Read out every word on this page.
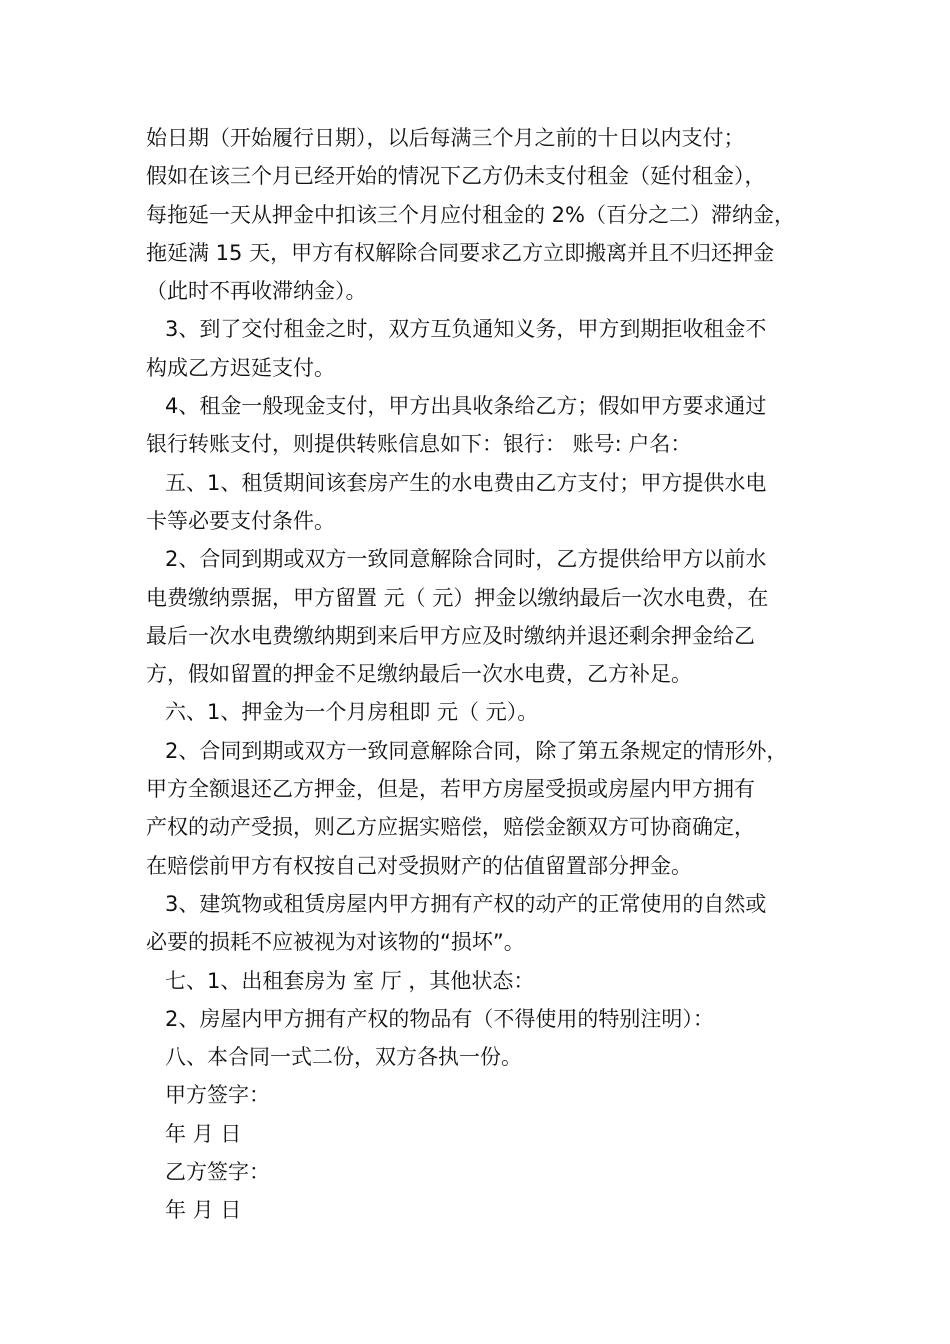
始日期（开始履行日期），以后每满三个月之前的十日以内支付；
假如在该三个月已经开始的情况下乙方仍未支付租金（延付租金），
每拖延一天从押金中扣该三个月应付租金的 2%（百分之二）滞纳金，
拖延满 15 天，甲方有权解除合同要求乙方立即搬离并且不归还押金
（此时不再收滞纳金）。
3、到了交付租金之时，双方互负通知义务，甲方到期拒收租金不
构成乙方迟延支付。
4、租金一般现金支付，甲方出具收条给乙方；假如甲方要求通过
银行转账支付，则提供转账信息如下：银行： 账号: 户名：
五、1、租赁期间该套房产生的水电费由乙方支付；甲方提供水电
卡等必要支付条件。
2、合同到期或双方一致同意解除合同时，乙方提供给甲方以前水
电费缴纳票据，甲方留置 元（ 元）押金以缴纳最后一次水电费，在
最后一次水电费缴纳期到来后甲方应及时缴纳并退还剩余押金给乙
方，假如留置的押金不足缴纳最后一次水电费，乙方补足。
六、1、押金为一个月房租即 元（ 元）。
2、合同到期或双方一致同意解除合同，除了第五条规定的情形外，
甲方全额退还乙方押金，但是，若甲方房屋受损或房屋内甲方拥有
产权的动产受损，则乙方应据实赔偿，赔偿金额双方可协商确定，
在赔偿前甲方有权按自己对受损财产的估值留置部分押金。
3、建筑物或租赁房屋内甲方拥有产权的动产的正常使用的自然或
必要的损耗不应被视为对该物的“损坏”。
七、1、出租套房为 室 厅 ，其他状态：
2、房屋内甲方拥有产权的物品有（不得使用的特别注明）：
八、本合同一式二份，双方各执一份。
甲方签字：
年 月 日
乙方签字：
年 月 日
